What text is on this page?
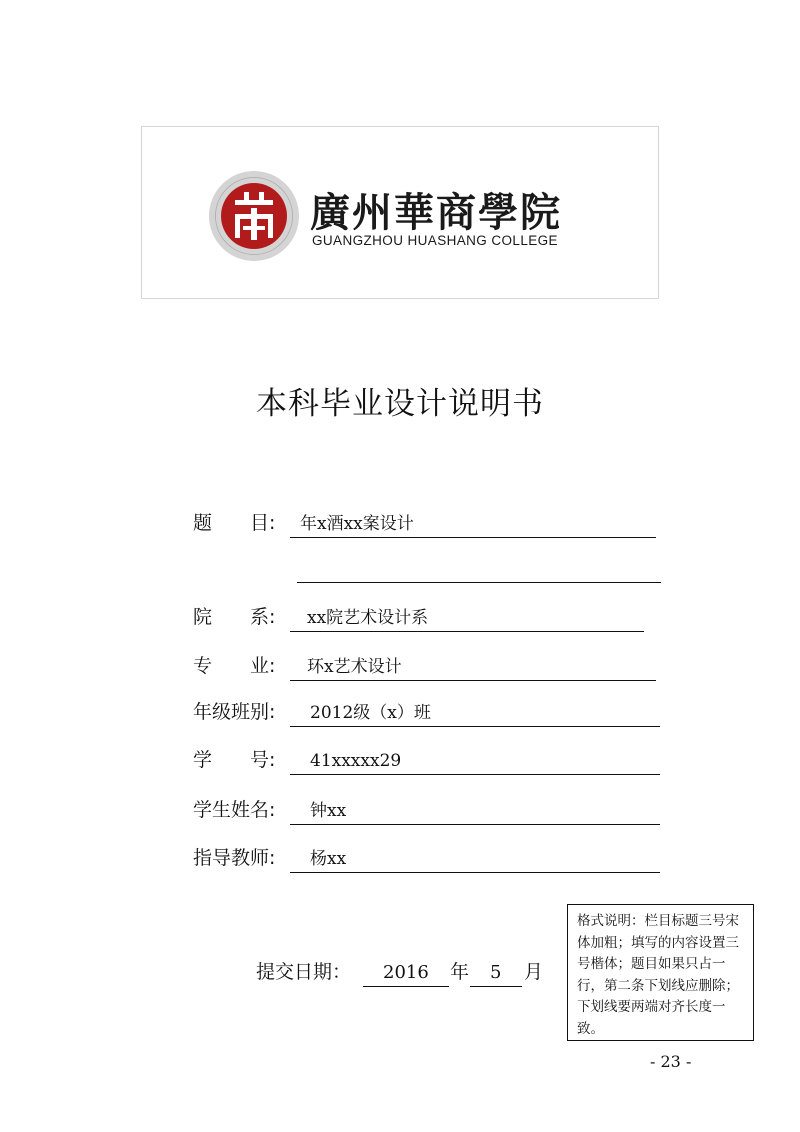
廣州華商學院
GUANGZHOU HUASHANG COLLEGE
本科毕业设计说明书
题　　目: 年x酒xx案设计
院　　系: xx院艺术设计系
专　　业: 环x艺术设计
年级班别: 2012级（x）班
学　　号: 41xxxxx29
学生姓名: 钟xx
指导教师: 杨xx
提交日期： 2016 年 5 月
格式说明：栏目标题三号宋体加粗；填写的内容设置三号楷体；题目如果只占一行，第二条下划线应删除；下划线要两端对齐长度一致。
- 23 -
